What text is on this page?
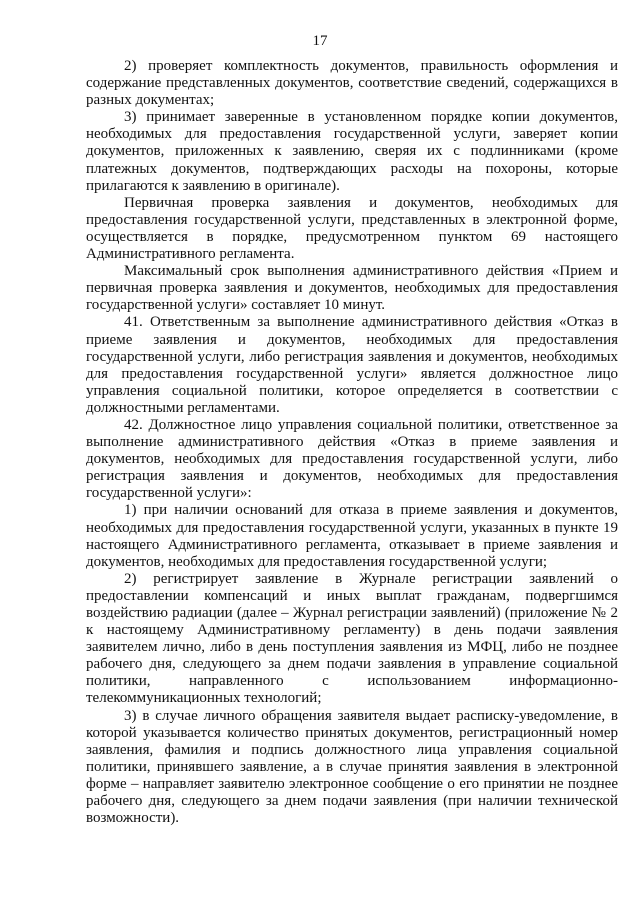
17

2) проверяет комплектность документов, правильность оформления и содержание представленных документов, соответствие сведений, содержащихся в разных документах;

3) принимает заверенные в установленном порядке копии документов, необходимых для предоставления государственной услуги, заверяет копии документов, приложенных к заявлению, сверяя их с подлинниками (кроме платежных документов, подтверждающих расходы на похороны, которые прилагаются к заявлению в оригинале).

Первичная проверка заявления и документов, необходимых для предоставления государственной услуги, представленных в электронной форме, осуществляется в порядке, предусмотренном пунктом 69 настоящего Административного регламента.

Максимальный срок выполнения административного действия «Прием и первичная проверка заявления и документов, необходимых для предоставления государственной услуги» составляет 10 минут.

41. Ответственным за выполнение административного действия «Отказ в приеме заявления и документов, необходимых для предоставления государственной услуги, либо регистрация заявления и документов, необходимых для предоставления государственной услуги» является должностное лицо управления социальной политики, которое определяется в соответствии с должностными регламентами.

42. Должностное лицо управления социальной политики, ответственное за выполнение административного действия «Отказ в приеме заявления и документов, необходимых для предоставления государственной услуги, либо регистрация заявления и документов, необходимых для предоставления государственной услуги»:

1) при наличии оснований для отказа в приеме заявления и документов, необходимых для предоставления государственной услуги, указанных в пункте 19 настоящего Административного регламента, отказывает в приеме заявления и документов, необходимых для предоставления государственной услуги;

2) регистрирует заявление в Журнале регистрации заявлений о предоставлении компенсаций и иных выплат гражданам, подвергшимся воздействию радиации (далее – Журнал регистрации заявлений) (приложение № 2 к настоящему Административному регламенту) в день подачи заявления заявителем лично, либо в день поступления заявления из МФЦ, либо не позднее рабочего дня, следующего за днем подачи заявления в управление социальной политики, направленного с использованием информационно-телекоммуникационных технологий;

3) в случае личного обращения заявителя выдает расписку-уведомление, в которой указывается количество принятых документов, регистрационный номер заявления, фамилия и подпись должностного лица управления социальной политики, принявшего заявление, а в случае принятия заявления в электронной форме – направляет заявителю электронное сообщение о его принятии не позднее рабочего дня, следующего за днем подачи заявления (при наличии технической возможности).
